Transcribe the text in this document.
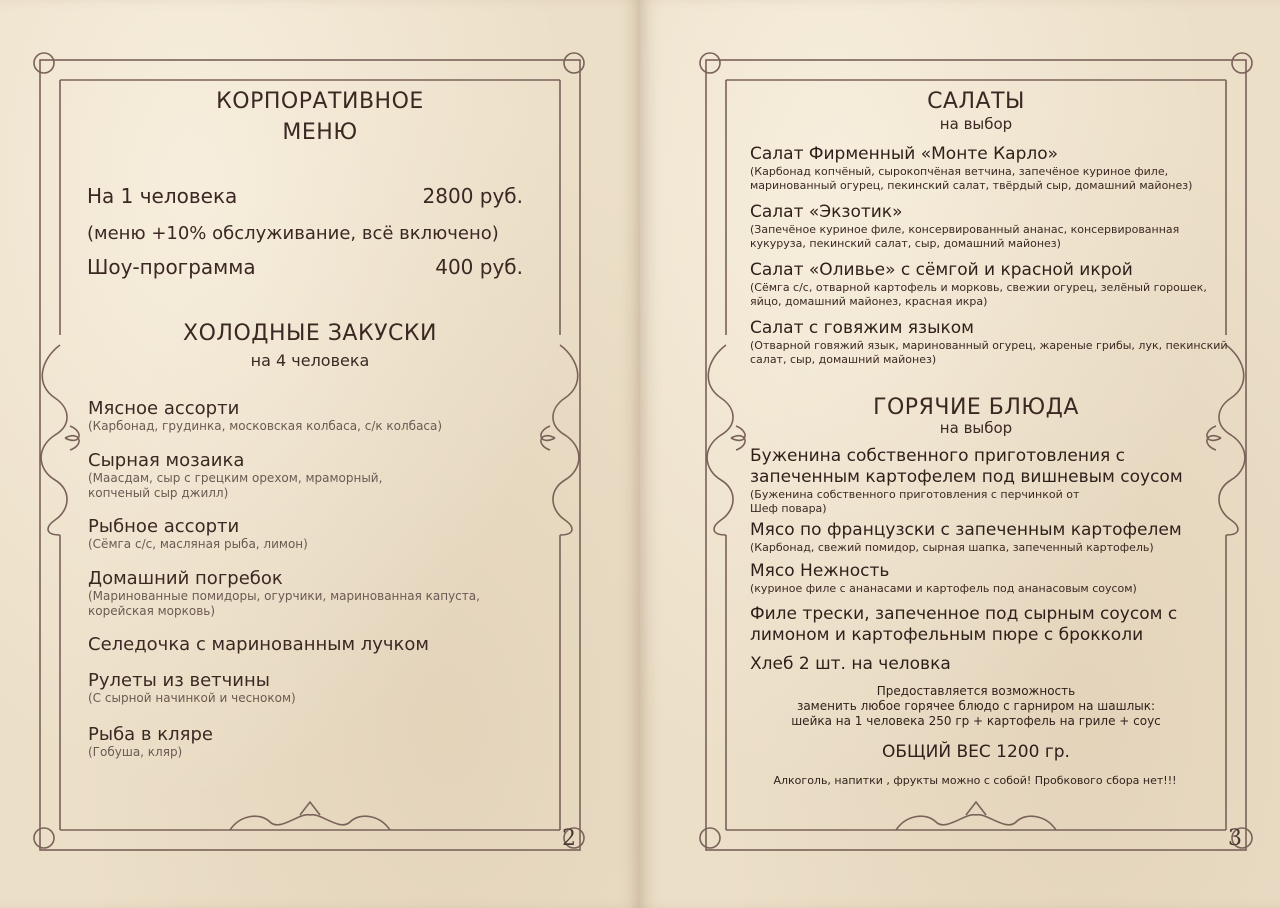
КОРПОРАТИВНОЕ
МЕНЮ
На 1 человека	2800 руб.
(меню +10% обслуживание, всё включено)
Шоу-программа	400 руб.
ХОЛОДНЫЕ ЗАКУСКИ
на 4 человека
Мясное ассорти
(Карбонад, грудинка, московская колбаса, с/к колбаса)
Сырная мозаика
(Маасдам, сыр с грецким орехом, мраморный, копченый сыр джилл)
Рыбное ассорти
(Сёмга с/с, масляная рыба, лимон)
Домашний погребок
(Маринованные помидоры, огурчики, маринованная капуста, корейская морковь)
Селедочка с маринованным лучком
Рулеты из ветчины
(С сырной начинкой и чесноком)
Рыба в кляре
(Гобуша, кляр)
2
САЛАТЫ
на выбор
Салат Фирменный «Монте Карло»
(Карбонад копчёный, сырокопчёная ветчина, запечёное куриное филе, маринованный огурец, пекинский салат, твёрдый сыр, домашний майонез)
Салат «Экзотик»
(Запечёное куриное филе, консервированный ананас, консервированная кукуруза, пекинский салат, сыр, домашний майонез)
Салат «Оливье» с сёмгой и красной икрой
(Сёмга с/с, отварной картофель и морковь, свежии огурец, зелёный горошек, яйцо, домашний майонез, красная икра)
Салат с говяжим языком
(Отварной говяжий язык, маринованный огурец, жареные грибы, лук, пекинский салат, сыр, домашний майонез)
ГОРЯЧИЕ БЛЮДА
на выбор
Буженина собственного приготовления с запеченным картофелем под вишневым соусом
(Буженина собственного приготовления с перчинкой от Шеф повара)
Мясо по французски с запеченным картофелем
(Карбонад, свежий помидор, сырная шапка, запеченный картофель)
Мясо Нежность
(куриное филе с ананасами и картофель под ананасовым соусом)
Филе трески, запеченное под сырным соусом с лимоном и картофельным пюре с брокколи
Хлеб 2 шт. на человка
Предоставляется возможность
заменить любое горячее блюдо с гарниром на шашлык:
шейка на 1 человека 250 гр + картофель на гриле + соус
ОБЩИЙ ВЕС 1200 гр.
Алкоголь, напитки , фрукты можно с собой! Пробкового сбора нет!!!
3
